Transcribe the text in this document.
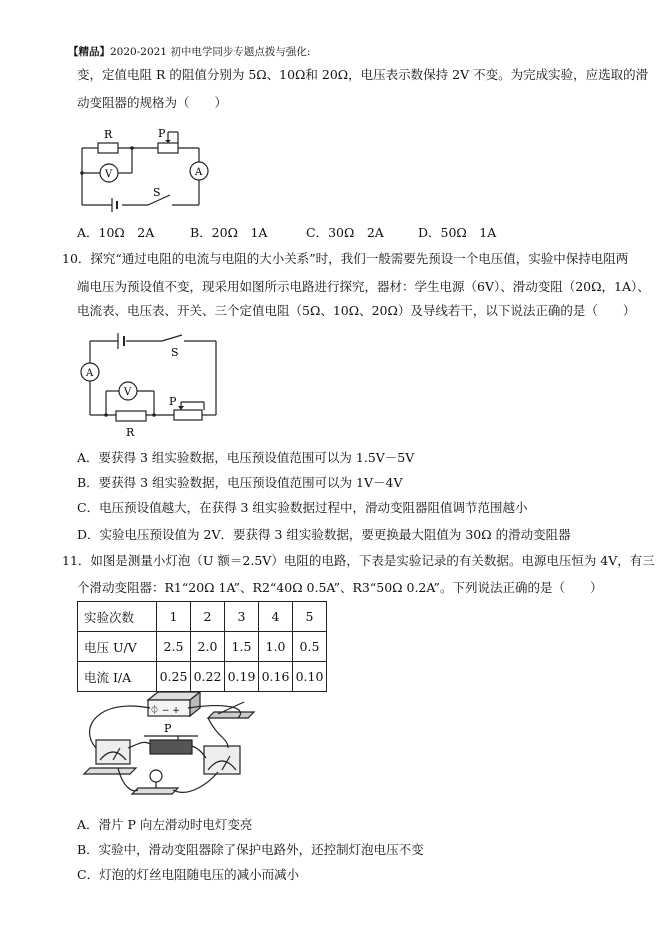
【精品】2020-2021 初中电学同步专题点拨与强化:
变，定值电阻 R 的阻值分别为 5Ω、10Ω和 20Ω，电压表示数保持 2V 不变。为完成实验，应选取的滑
动变阻器的规格为（　　）
R	P
V	A
S
A．10Ω　2A	B．20Ω　1A	C．30Ω　2A	D．50Ω　1A
10．探究“通过电阻的电流与电阻的大小关系”时，我们一般需要先预设一个电压值，实验中保持电阻两
端电压为预设值不变，现采用如图所示电路进行探究，器材：学生电源（6V）、滑动变阻（20Ω，1A）、
电流表、电压表、开关、三个定值电阻（5Ω、10Ω、20Ω）及导线若干，以下说法正确的是（　　）
A
V
S
P
R
A．要获得 3 组实验数据，电压预设值范围可以为 1.5V－5V
B．要获得 3 组实验数据，电压预设值范围可以为 1V－4V
C．电压预设值越大，在获得 3 组实验数据过程中，滑动变阻器阻值调节范围越小
D．实验电压预设值为 2V．要获得 3 组实验数据，要更换最大阻值为 30Ω 的滑动变阻器
11．如图是测量小灯泡（U 额＝2.5V）电阻的电路，下表是实验记录的有关数据。电源电压恒为 4V，有三
个滑动变阻器：R1“20Ω 1A”、R2“40Ω 0.5A”、R3“50Ω 0.2A”。下列说法正确的是（　　）
实验次数	1	2	3	4	5
电压 U/V	2.5	2.0	1.5	1.0	0.5
电流 I/A	0.25	0.22	0.19	0.16	0.10
⏀ − +
P
A．滑片 P 向左滑动时电灯变亮
B．实验中，滑动变阻器除了保护电路外，还控制灯泡电压不变
C．灯泡的灯丝电阻随电压的减小而减小
